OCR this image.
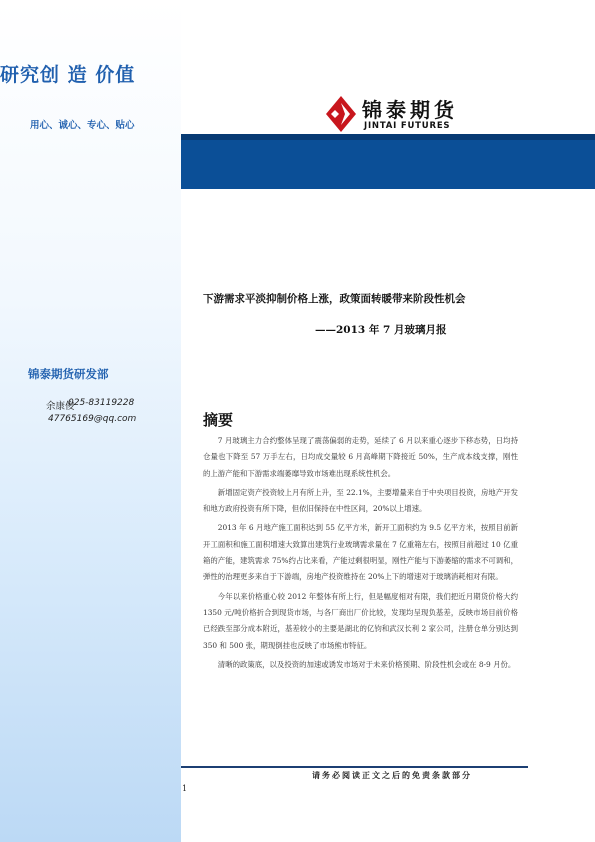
研究创 造 价值
用心、诚心、专心、贴心
锦泰期货研发部
余康俊
025-83119228
47765169@qq.com
锦泰期货
JINTAI FUTURES
下游需求平淡抑制价格上涨，政策面转暖带来阶段性机会
——2013 年 7 月玻璃月报
摘要

7 月玻璃主力合约整体呈现了震荡偏弱的走势，延续了 6 月以来重心逐步下移态势，日均持仓量也下降至 57 万手左右，日均成交量较 6 月高峰期下降接近 50%，生产成本线支撑，刚性的上游产能和下游需求端萎靡导致市场难出现系统性机会。

新增固定资产投资较上月有所上升，至 22.1%，主要增量来自于中央项目投资，房地产开发和地方政府投资有所下降，但依旧保持在中性区间，20%以上增速。

2013 年 6 月地产施工面积达到 55 亿平方米，新开工面积约为 9.5 亿平方米，按照目前新开工面积和施工面积增速大致算出建筑行业玻璃需求量在 7 亿重箱左右，按照目前超过 10 亿重箱的产能，建筑需求 75%约占比来看，产能过剩很明显，刚性产能与下游萎缩的需求不可调和，弹性的治理更多来自于下游端，房地产投资维持在 20%上下的增速对于玻璃消耗相对有限。

今年以来价格重心较 2012 年整体有所上行，但是幅度相对有限，我们把近月期货价格大约 1350 元/吨价格折合到现货市场，与各厂商出厂价比较，发现均呈现负基差，反映市场目前价格已经跌至部分成本附近，基差较小的主要是湖北的亿钧和武汉长利 2 家公司，注册仓单分别达到 350 和 500 张，期现倒挂也反映了市场熊市特征。

清晰的政策底，以及投资的加速或诱发市场对于未来价格预期、阶段性机会或在 8-9 月份。

请务必阅读正文之后的免责条款部分
1
